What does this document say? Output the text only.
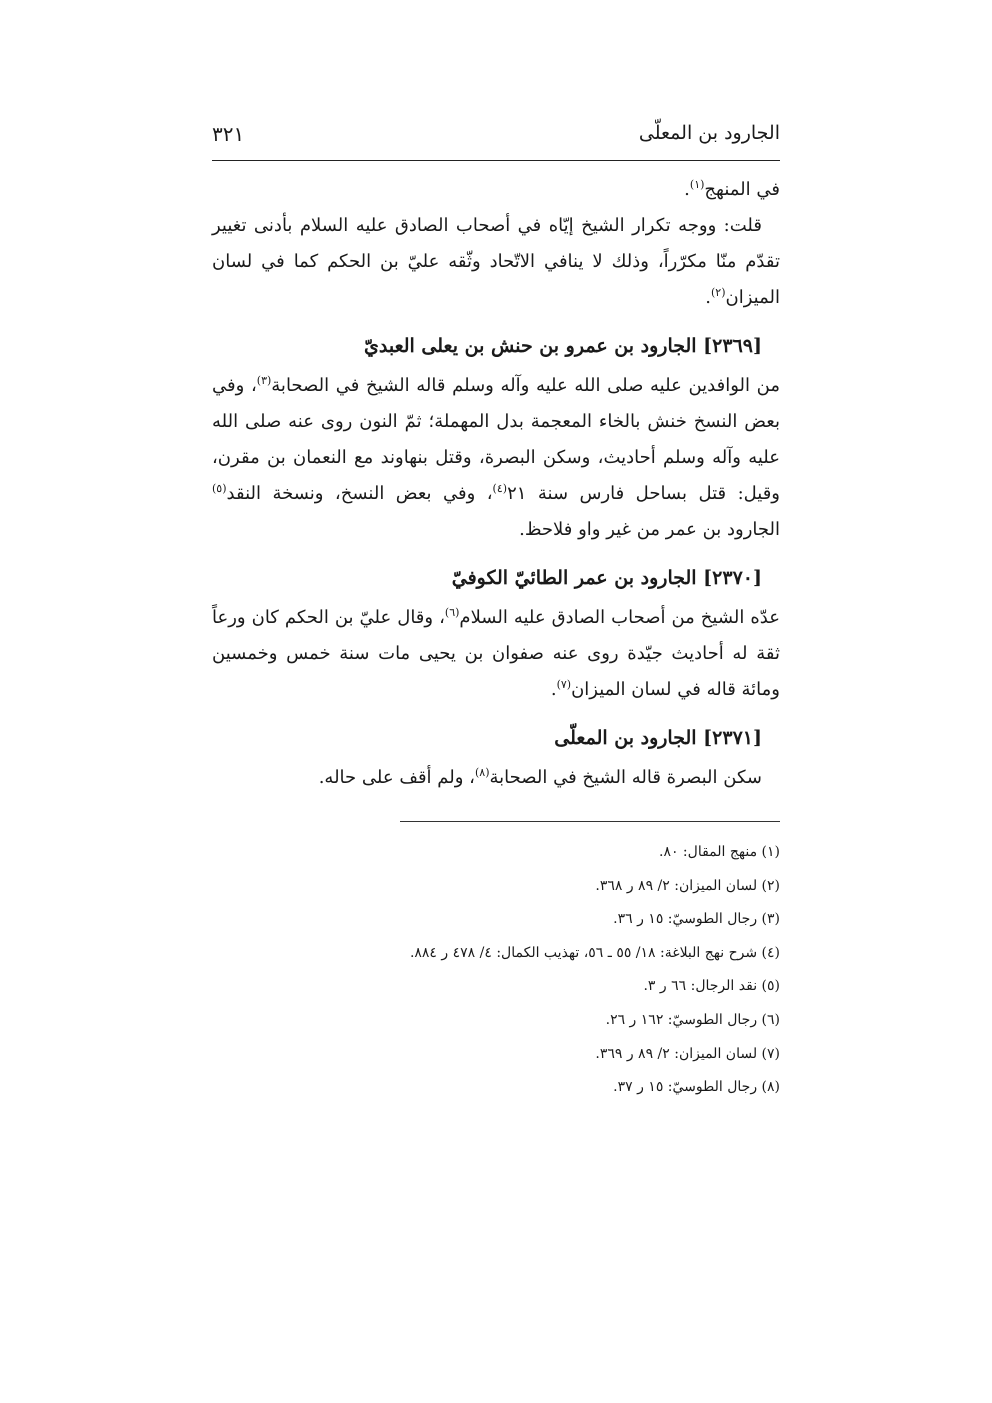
الجارود بن المعلّى
٣٢١

في المنهج$^{(١)}$.

قلت: ووجه تكرار الشيخ إيّاه في أصحاب الصادق عليه السلام بأدنى تغيير تقدّم منّا مكرّراً، وذلك لا ينافي الاتّحاد وثّقه عليّ بن الحكم كما في لسان الميزان$^{(٢)}$.

[٢٣٦٩] الجارود بن عمرو بن حنش بن يعلى العبديّ

من الوافدين عليه صلى الله عليه وآله وسلم قاله الشيخ في الصحابة$^{(٣)}$، وفي بعض النسخ خنش بالخاء المعجمة بدل المهملة؛ ثمّ النون روى عنه صلى الله عليه وآله وسلم أحاديث، وسكن البصرة، وقتل بنهاوند مع النعمان بن مقرن، وقيل: قتل بساحل فارس سنة ٢١$^{(٤)}$، وفي بعض النسخ، ونسخة النقد$^{(٥)}$ الجارود بن عمر من غير واو فلاحظ.

[٢٣٧٠] الجارود بن عمر الطائيّ الكوفيّ

عدّه الشيخ من أصحاب الصادق عليه السلام$^{(٦)}$، وقال عليّ بن الحكم كان ورعاً ثقة له أحاديث جيّدة روى عنه صفوان بن يحيى مات سنة خمس وخمسين ومائة قاله في لسان الميزان$^{(٧)}$.

[٢٣٧١] الجارود بن المعلّى

سكن البصرة قاله الشيخ في الصحابة$^{(٨)}$، ولم أقف على حاله.

(١) منهج المقال: ٨٠.

(٢) لسان الميزان: ٢/ ٨٩ ر ٣٦٨.

(٣) رجال الطوسيّ: ١٥ ر ٣٦.

(٤) شرح نهج البلاغة: ١٨/ ٥٥ ـ ٥٦، تهذيب الكمال: ٤/ ٤٧٨ ر ٨٨٤.

(٥) نقد الرجال: ٦٦ ر ٣.

(٦) رجال الطوسيّ: ١٦٢ ر ٢٦.

(٧) لسان الميزان: ٢/ ٨٩ ر ٣٦٩.

(٨) رجال الطوسيّ: ١٥ ر ٣٧.
